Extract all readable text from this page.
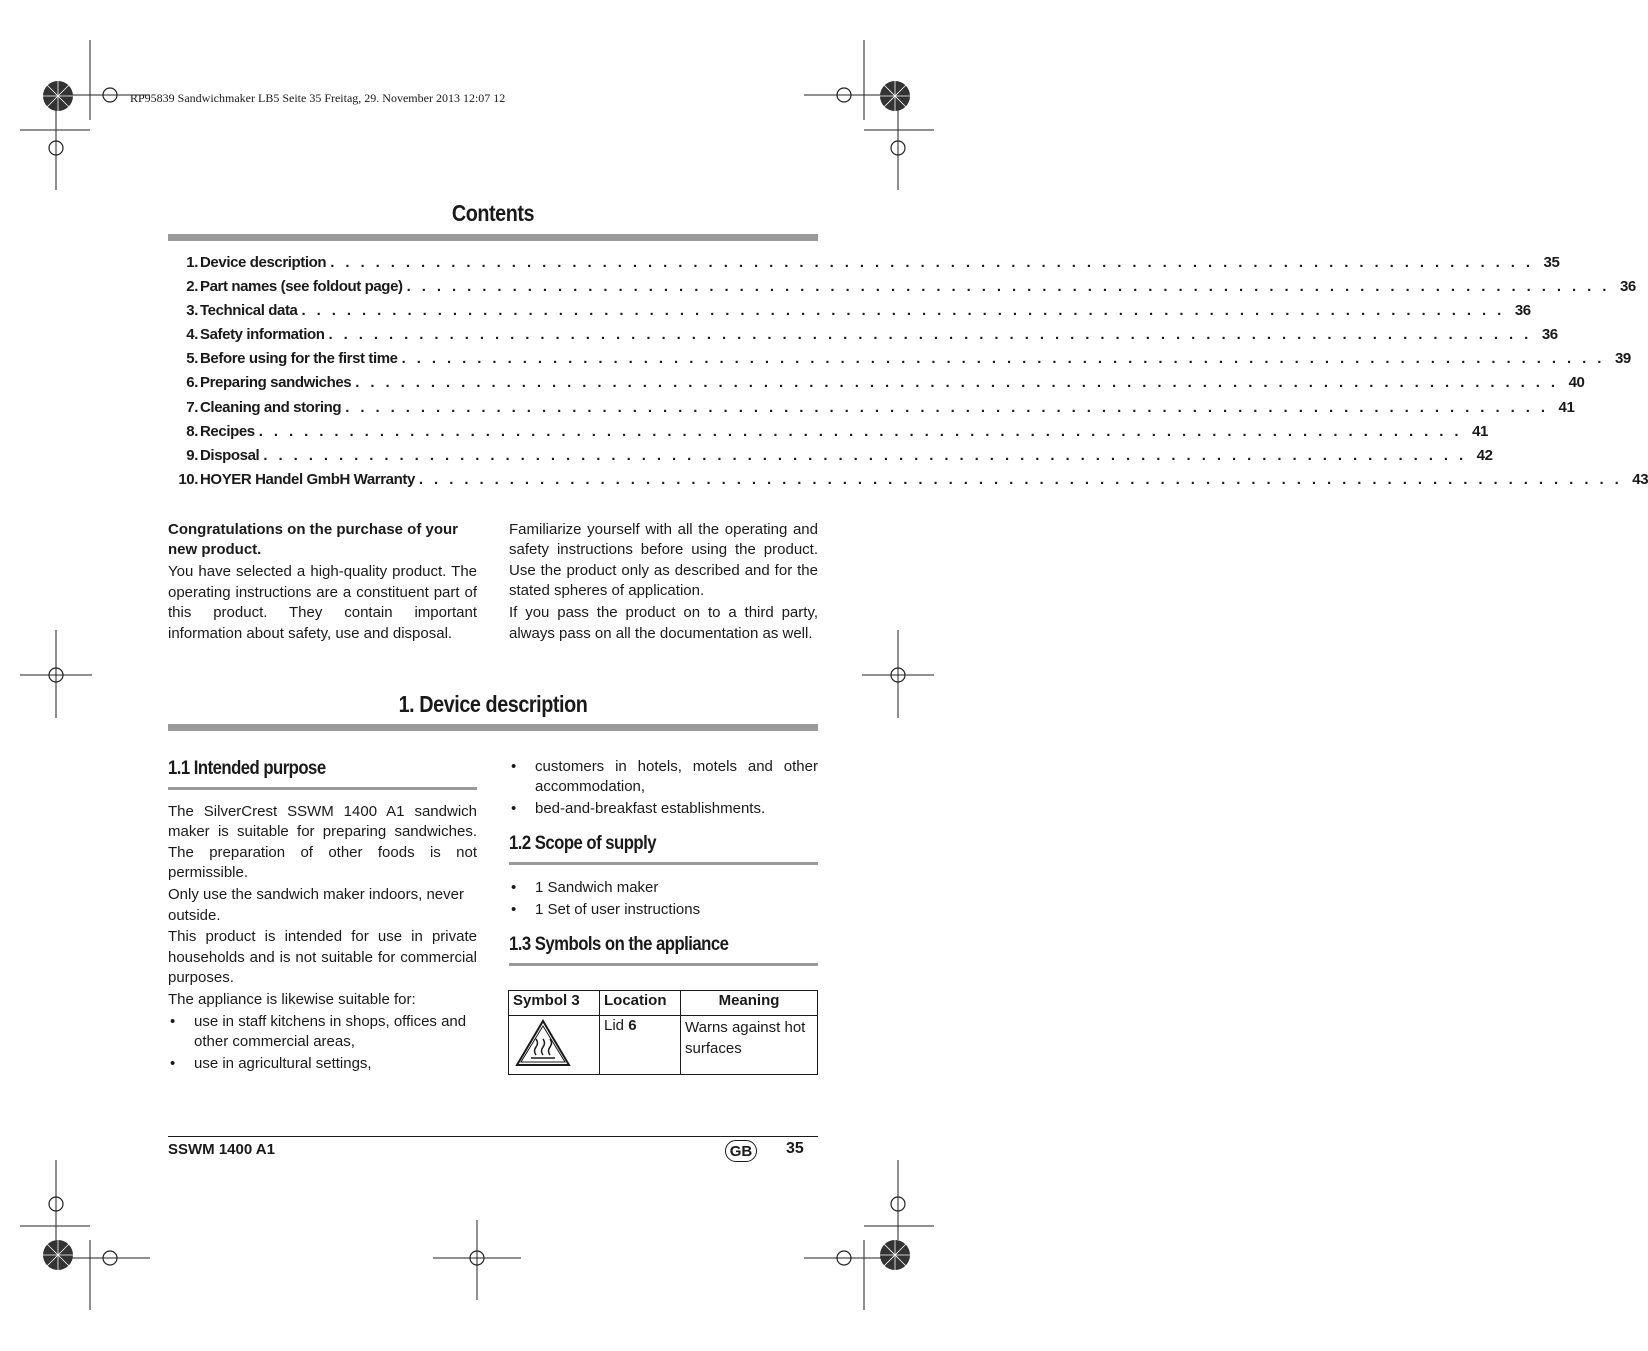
RP95839 Sandwichmaker LB5 Seite 35 Freitag, 29. November 2013 12:07 12
Contents
1. Device description . . . . . . . . . . . . . . . . . . . . . . . . . . . . . . . . . . . . . . . . . . . . . . . . . . . . . . . . . . . . . . . . . . . . . . . . . . . . . . . . 35
2. Part names (see foldout page) . . . . . . . . . . . . . . . . . . . . . . . . . . . . . . . . . . . . . . . . . . . . . . . . . . . . . . . . . . . . . . . . . . . . . . . . . . . . . . . . 36
3. Technical data . . . . . . . . . . . . . . . . . . . . . . . . . . . . . . . . . . . . . . . . . . . . . . . . . . . . . . . . . . . . . . . . . . . . . . . . . . . . . . . . 36
4. Safety information . . . . . . . . . . . . . . . . . . . . . . . . . . . . . . . . . . . . . . . . . . . . . . . . . . . . . . . . . . . . . . . . . . . . . . . . . . . . . . . . 36
5. Before using for the first time . . . . . . . . . . . . . . . . . . . . . . . . . . . . . . . . . . . . . . . . . . . . . . . . . . . . . . . . . . . . . . . . . . . . . . . . . . . . . . . . 39
6. Preparing sandwiches . . . . . . . . . . . . . . . . . . . . . . . . . . . . . . . . . . . . . . . . . . . . . . . . . . . . . . . . . . . . . . . . . . . . . . . . . . . . . . . . 40
7. Cleaning and storing . . . . . . . . . . . . . . . . . . . . . . . . . . . . . . . . . . . . . . . . . . . . . . . . . . . . . . . . . . . . . . . . . . . . . . . . . . . . . . . . 41
8. Recipes . . . . . . . . . . . . . . . . . . . . . . . . . . . . . . . . . . . . . . . . . . . . . . . . . . . . . . . . . . . . . . . . . . . . . . . . . . . . . . . . 41
9. Disposal . . . . . . . . . . . . . . . . . . . . . . . . . . . . . . . . . . . . . . . . . . . . . . . . . . . . . . . . . . . . . . . . . . . . . . . . . . . . . . . . 42
10. HOYER Handel GmbH Warranty . . . . . . . . . . . . . . . . . . . . . . . . . . . . . . . . . . . . . . . . . . . . . . . . . . . . . . . . . . . . . . . . . . . . . . . . . . . . . . . . 43

Congratulations on the purchase of your new product.

You have selected a high-quality product. The operating instructions are a constituent part of this product. They contain important information about safety, use and disposal.

Familiarize yourself with all the operating and safety instructions before using the product. Use the product only as described and for the stated spheres of application.

If you pass the product on to a third party, always pass on all the documentation as well.

1. Device description
1.1 Intended purpose

The SilverCrest SSWM 1400 A1 sandwich maker is suitable for preparing sandwiches. The preparation of other foods is not permissible.

Only use the sandwich maker indoors, never outside.

This product is intended for use in private households and is not suitable for commercial purposes.

The appliance is likewise suitable for:

• use in staff kitchens in shops, offices and other commercial areas,
• use in agricultural settings,
• customers in hotels, motels and other accommodation,
• bed-and-breakfast establishments.
1.2 Scope of supply
• 1 Sandwich maker
• 1 Set of user instructions
1.3 Symbols on the appliance
Symbol 3	Location	Meaning
	Lid 6	Warns against hot surfaces
SSWM 1400 A1	GB 35
